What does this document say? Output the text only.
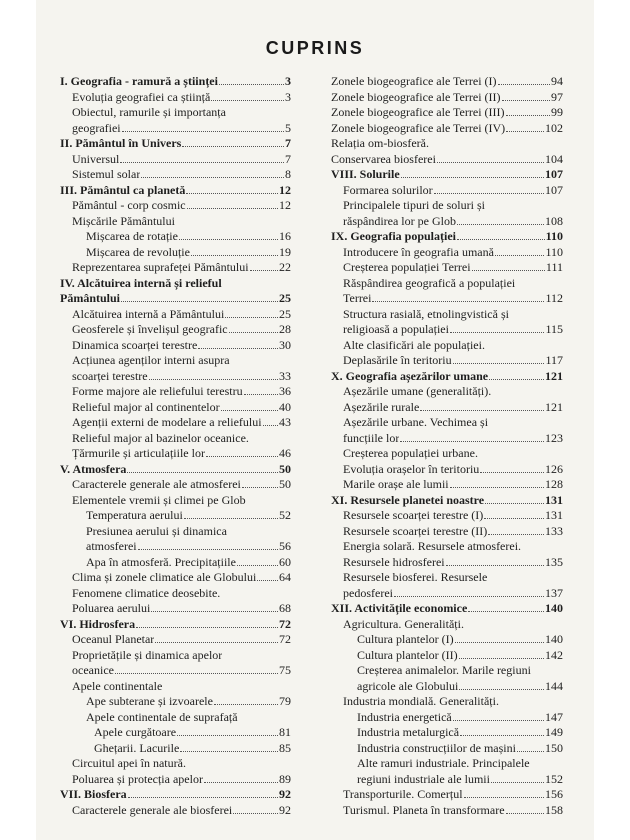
CUPRINS
I. Geografia - ramură a științei	3
Evoluția geografiei ca știință	3
Obiectul, ramurile și importanța
geografiei	5
II. Pământul în Univers	7
Universul	7
Sistemul solar	8
III. Pământul ca planetă	12
Pământul - corp cosmic	12
Mișcările Pământului
Mișcarea de rotație	16
Mișcarea de revoluție	19
Reprezentarea suprafeței Pământului	22
IV. Alcătuirea internă și relieful
Pământului	25
Alcătuirea internă a Pământului	25
Geosferele și învelișul geografic	28
Dinamica scoarței terestre	30
Acțiunea agenților interni asupra
scoarței terestre	33
Forme majore ale reliefului terestru	36
Relieful major al continentelor	40
Agenții externi de modelare a reliefului 43
Relieful major al bazinelor oceanice.
Țărmurile și articulațiile lor	46
V. Atmosfera	50
Caracterele generale ale atmosferei	50
Elementele vremii și climei pe Glob
Temperatura aerului	52
Presiunea aerului și dinamica
atmosferei	56
Apa în atmosferă. Precipitațiile	60
Clima și zonele climatice ale Globului 64
Fenomene climatice deosebite.
Poluarea aerului	68
VI. Hidrosfera	72
Oceanul Planetar	72
Proprietățile și dinamica apelor
oceanice	75
Apele continentale
Ape subterane și izvoarele	79
Apele continentale de suprafață
Apele curgătoare	81
Ghețarii. Lacurile	85
Circuitul apei în natură.
Poluarea și protecția apelor	89
VII. Biosfera	92
Caracterele generale ale biosferei	92
Zonele biogeografice ale Terrei (I)	94
Zonele biogeografice ale Terrei (II)	97
Zonele biogeografice ale Terrei (III)	99
Zonele biogeografice ale Terrei (IV)	102
Relația om-biosferă.
Conservarea biosferei	104
VIII. Solurile	107
Formarea solurilor	107
Principalele tipuri de soluri și
răspândirea lor pe Glob	108
IX. Geografia populației	110
Introducere în geografia umană	110
Creșterea populației Terrei	111
Răspândirea geografică a populației
Terrei	112
Structura rasială, etnolingvistică și
religioasă a populației	115
Alte clasificări ale populației.
Deplasările în teritoriu	117
X. Geografia așezărilor umane	121
Așezările umane (generalități).
Așezările rurale	121
Așezările urbane. Vechimea și
funcțiile lor	123
Creșterea populației urbane.
Evoluția orașelor în teritoriu	126
Marile orașe ale lumii	128
XI. Resursele planetei noastre	131
Resursele scoarței terestre (I)	131
Resursele scoarței terestre (II)	133
Energia solară. Resursele atmosferei.
Resursele hidrosferei	135
Resursele biosferei. Resursele
pedosferei	137
XII. Activitățile economice	140
Agricultura. Generalități.
Cultura plantelor (I)	140
Cultura plantelor (II)	142
Creșterea animalelor. Marile regiuni
agricole ale Globului	144
Industria mondială. Generalități.
Industria energetică	147
Industria metalurgică	149
Industria construcțiilor de mașini 150
Alte ramuri industriale. Principalele
regiuni industriale ale lumii	152
Transporturile. Comerțul	156
Turismul. Planeta în transformare	158
